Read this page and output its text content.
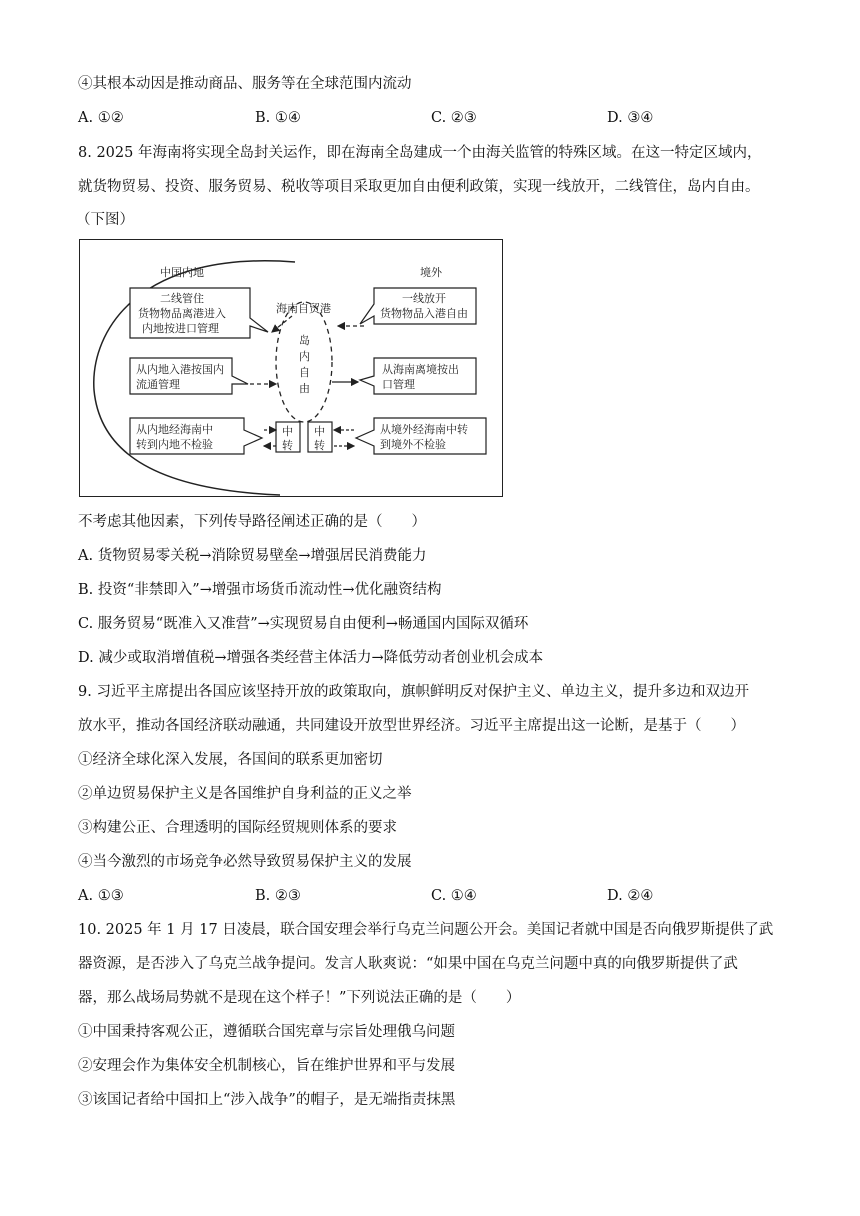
④其根本动因是推动商品、服务等在全球范围内流动
A. ①②	B. ①④	C. ②③	D. ③④
8. 2025 年海南将实现全岛封关运作，即在海南全岛建成一个由海关监管的特殊区域。在这一特定区域内，
就货物贸易、投资、服务贸易、税收等项目采取更加自由便利政策，实现一线放开，二线管住，岛内自由。
（下图）
中国内地	境外
海南自贸港
岛
内
自
由
二线管住
货物物品离港进入
内地按进口管理
一线放开
货物物品入港自由
从内地入港按国内
流通管理
从海南离境按出
口管理
从内地经海南中
转到内地不检验
中
转
中
转
从境外经海南中转
到境外不检验
不考虑其他因素，下列传导路径阐述正确的是（　　）
A. 货物贸易零关税→消除贸易壁垒→增强居民消费能力
B. 投资“非禁即入”→增强市场货币流动性→优化融资结构
C. 服务贸易“既准入又准营”→实现贸易自由便利→畅通国内国际双循环
D. 减少或取消增值税→增强各类经营主体活力→降低劳动者创业机会成本
9. 习近平主席提出各国应该坚持开放的政策取向，旗帜鲜明反对保护主义、单边主义，提升多边和双边开
放水平，推动各国经济联动融通，共同建设开放型世界经济。习近平主席提出这一论断，是基于（　　）
①经济全球化深入发展，各国间的联系更加密切
②单边贸易保护主义是各国维护自身利益的正义之举
③构建公正、合理透明的国际经贸规则体系的要求
④当今激烈的市场竞争必然导致贸易保护主义的发展
A. ①③	B. ②③	C. ①④	D. ②④
10. 2025 年 1 月 17 日凌晨，联合国安理会举行乌克兰问题公开会。美国记者就中国是否向俄罗斯提供了武
器资源，是否涉入了乌克兰战争提问。发言人耿爽说：“如果中国在乌克兰问题中真的向俄罗斯提供了武
器，那么战场局势就不是现在这个样子！”下列说法正确的是（　　）
①中国秉持客观公正，遵循联合国宪章与宗旨处理俄乌问题
②安理会作为集体安全机制核心，旨在维护世界和平与发展
③该国记者给中国扣上“涉入战争”的帽子，是无端指责抹黑
